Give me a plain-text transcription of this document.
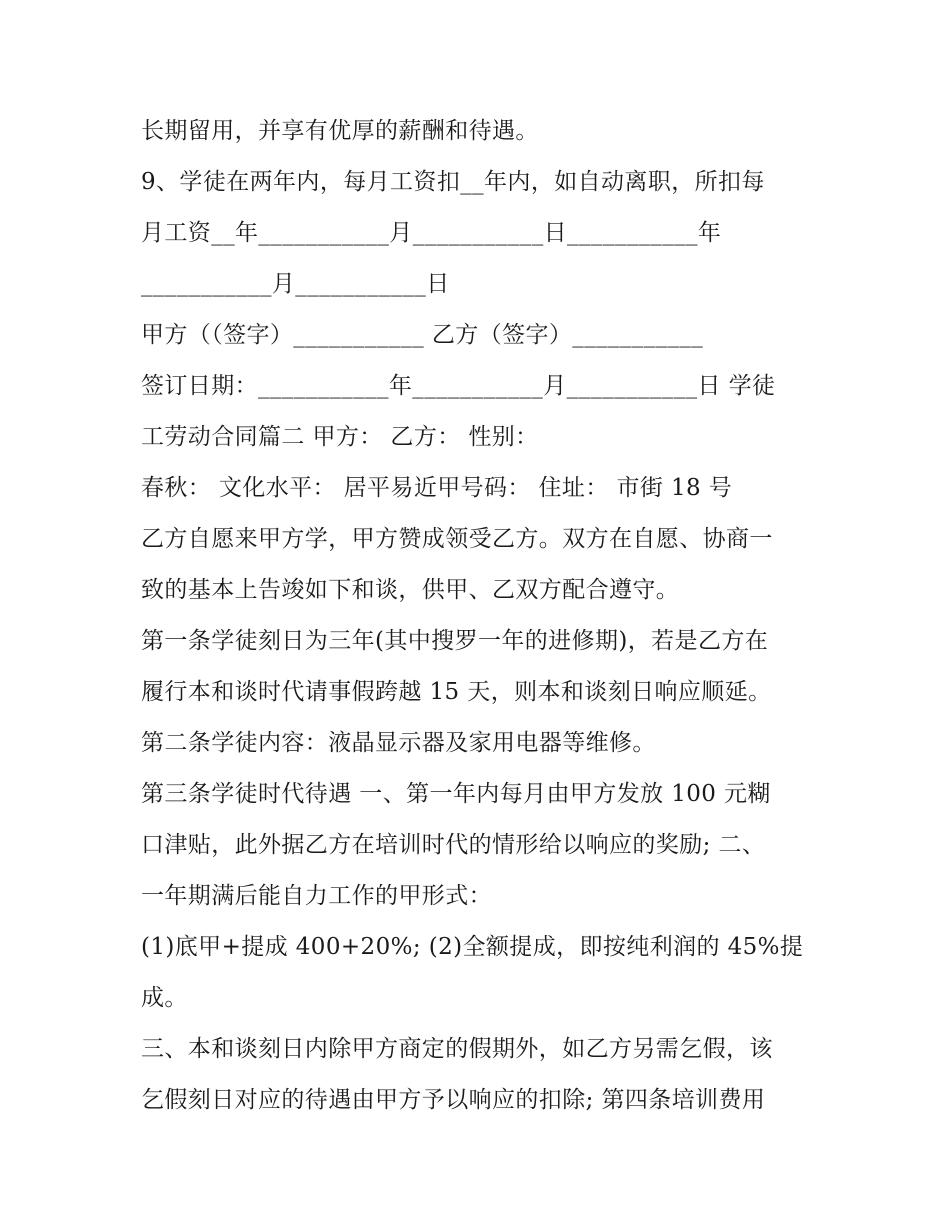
长期留用，并享有优厚的薪酬和待遇。
9、学徒在两年内，每月工资扣__年内，如自动离职，所扣每
月工资__年___________月___________日___________年
___________月___________日
甲方（（签字）___________ 乙方（签字）___________
签订日期：___________年___________月___________日 学徒
工劳动合同篇二 甲方： 乙方： 性别：
春秋： 文化水平： 居平易近甲号码： 住址： 市街 18 号
乙方自愿来甲方学，甲方赞成领受乙方。双方在自愿、协商一
致的基本上告竣如下和谈，供甲、乙双方配合遵守。
第一条学徒刻日为三年(其中搜罗一年的进修期)，若是乙方在
履行本和谈时代请事假跨越 15 天，则本和谈刻日响应顺延。
第二条学徒内容：液晶显示器及家用电器等维修。
第三条学徒时代待遇 一、第一年内每月由甲方发放 100 元糊
口津贴，此外据乙方在培训时代的情形给以响应的奖励; 二、
一年期满后能自力工作的甲形式：
(1)底甲+提成 400+20%; (2)全额提成，即按纯利润的 45%提
成。
三、本和谈刻日内除甲方商定的假期外，如乙方另需乞假，该
乞假刻日对应的待遇由甲方予以响应的扣除; 第四条培训费用
